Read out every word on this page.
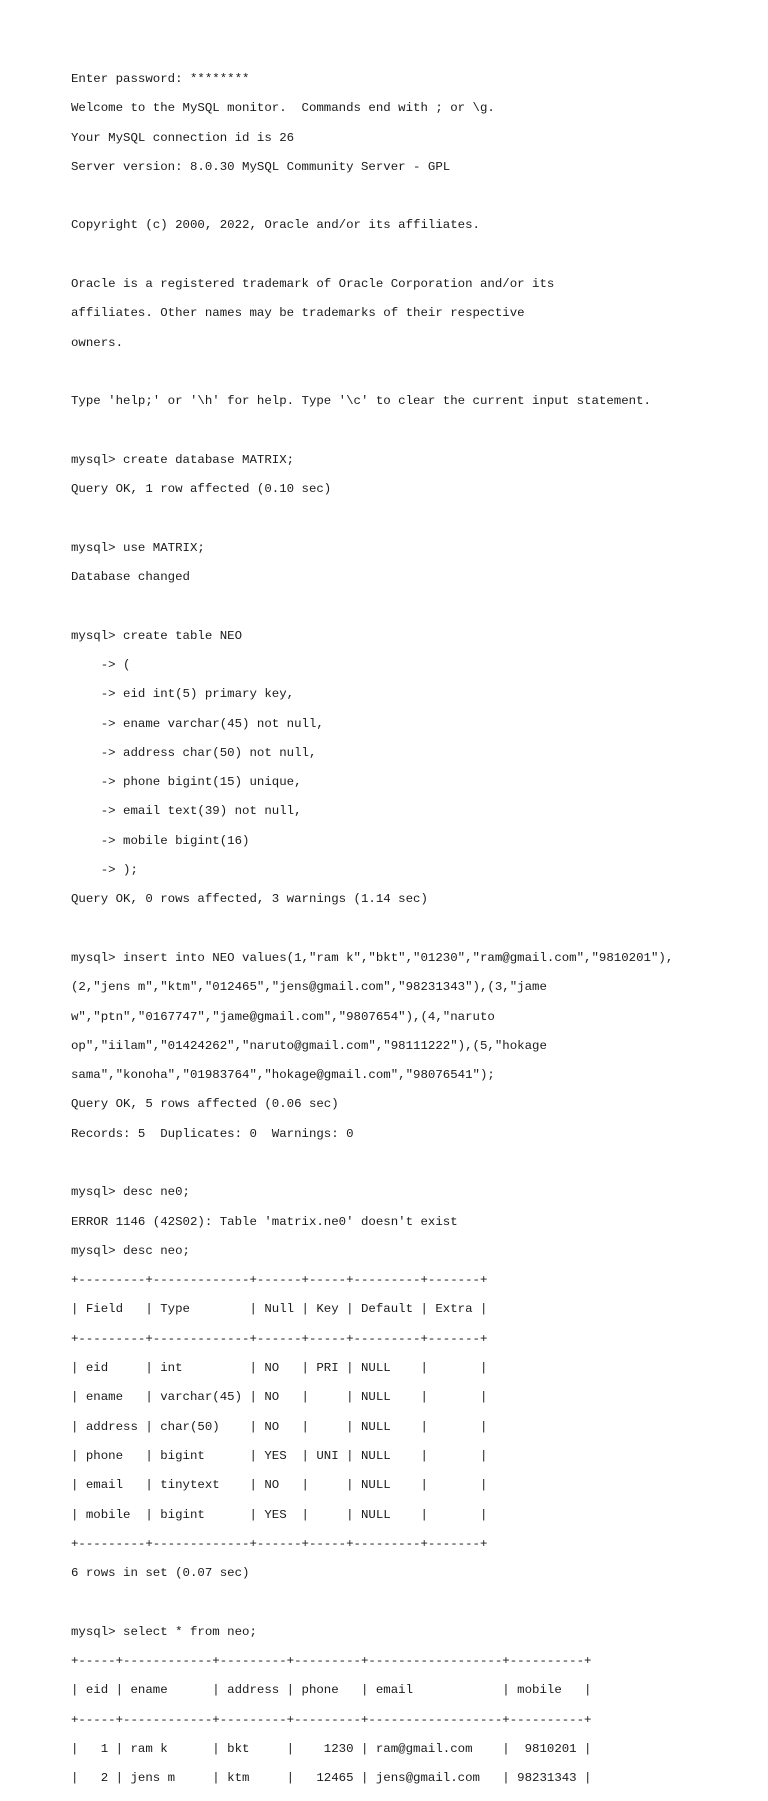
Enter password: ********

Welcome to the MySQL monitor.  Commands end with ; or \g.

Your MySQL connection id is 26

Server version: 8.0.30 MySQL Community Server - GPL

Copyright (c) 2000, 2022, Oracle and/or its affiliates.

Oracle is a registered trademark of Oracle Corporation and/or its

affiliates. Other names may be trademarks of their respective

owners.

Type 'help;' or '\h' for help. Type '\c' to clear the current input statement.

mysql> create database MATRIX;

Query OK, 1 row affected (0.10 sec)

mysql> use MATRIX;

Database changed

mysql> create table NEO

-> (

-> eid int(5) primary key,

-> ename varchar(45) not null,

-> address char(50) not null,

-> phone bigint(15) unique,

-> email text(39) not null,

-> mobile bigint(16)

-> );

Query OK, 0 rows affected, 3 warnings (1.14 sec)

mysql> insert into NEO values(1,"ram k","bkt","01230","ram@gmail.com","9810201"),

(2,"jens m","ktm","012465","jens@gmail.com","98231343"),(3,"jame

w","ptn","0167747","jame@gmail.com","9807654"),(4,"naruto

op","iilam","01424262","naruto@gmail.com","98111222"),(5,"hokage

sama","konoha","01983764","hokage@gmail.com","98076541");

Query OK, 5 rows affected (0.06 sec)

Records: 5  Duplicates: 0  Warnings: 0

mysql> desc ne0;

ERROR 1146 (42S02): Table 'matrix.ne0' doesn't exist

mysql> desc neo;

+---------+-------------+------+-----+---------+-------+

| Field   | Type        | Null | Key | Default | Extra |

+---------+-------------+------+-----+---------+-------+

| eid     | int         | NO   | PRI | NULL    |       |

| ename   | varchar(45) | NO   |     | NULL    |       |

| address | char(50)    | NO   |     | NULL    |       |

| phone   | bigint      | YES  | UNI | NULL    |       |

| email   | tinytext    | NO   |     | NULL    |       |

| mobile  | bigint      | YES  |     | NULL    |       |

+---------+-------------+------+-----+---------+-------+

6 rows in set (0.07 sec)

mysql> select * from neo;

+-----+------------+---------+---------+------------------+----------+

| eid | ename      | address | phone   | email            | mobile   |

+-----+------------+---------+---------+------------------+----------+

|   1 | ram k      | bkt     |    1230 | ram@gmail.com    |  9810201 |

|   2 | jens m     | ktm     |   12465 | jens@gmail.com   | 98231343 |
